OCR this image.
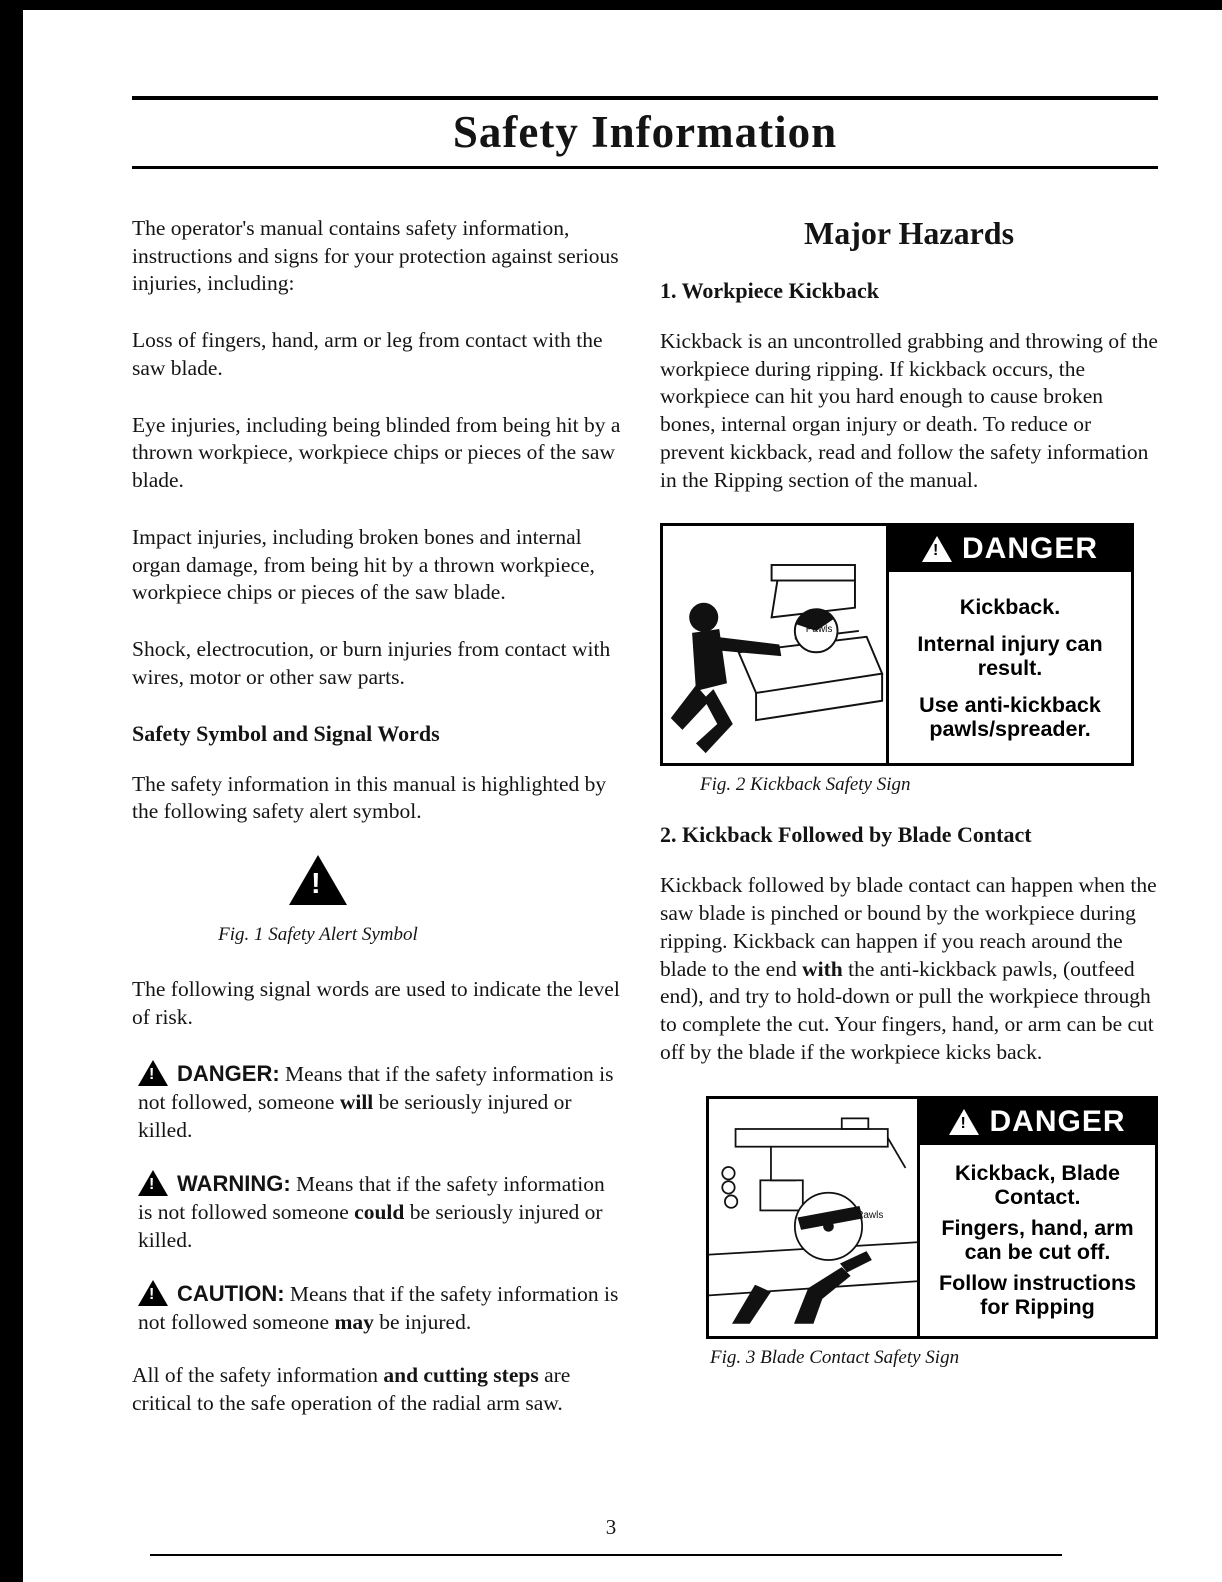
Safety Information

The operator's manual contains safety information, instructions and signs for your protection against serious injuries, including:

Loss of fingers, hand, arm or leg from contact with the saw blade.

Eye injuries, including being blinded from being hit by a thrown workpiece, workpiece chips or pieces of the saw blade.

Impact injuries, including broken bones and internal organ damage, from being hit by a thrown workpiece, workpiece chips or pieces of the saw blade.

Shock, electrocution, or burn injuries from contact with wires, motor or other saw parts.

Safety Symbol and Signal Words

The safety information in this manual is highlighted by the following safety alert symbol.

!
Fig. 1 Safety Alert Symbol

The following signal words are used to indicate the level of risk.

!DANGER: Means that if the safety information is not followed, someone will be seriously injured or killed.

!WARNING: Means that if the safety information is not followed someone could be seriously injured or killed.

!CAUTION: Means that if the safety information is not followed someone may be injured.

All of the safety information and cutting steps are critical to the safe operation of the radial arm saw.

Major Hazards
1. Workpiece Kickback

Kickback is an uncontrolled grabbing and throwing of the workpiece during ripping. If kickback occurs, the workpiece can hit you hard enough to cause broken bones, internal organ injury or death. To reduce or prevent kickback, read and follow the safety information in the Ripping section of the manual.

Pawls
!
DANGER
Kickback.
Internal injury can result.
Use anti-kickback pawls/spreader.
Fig. 2 Kickback Safety Sign
2. Kickback Followed by Blade Contact

Kickback followed by blade contact can happen when the saw blade is pinched or bound by the workpiece during ripping. Kickback can happen if you reach around the blade to the end with the anti-kickback pawls, (outfeed end), and try to hold-down or pull the workpiece through to complete the cut. Your fingers, hand, or arm can be cut off by the blade if the workpiece kicks back.

Pawls
!
DANGER
Kickback, Blade Contact.
Fingers, hand, arm can be cut off.
Follow instructions for Ripping
Fig. 3 Blade Contact Safety Sign
3
